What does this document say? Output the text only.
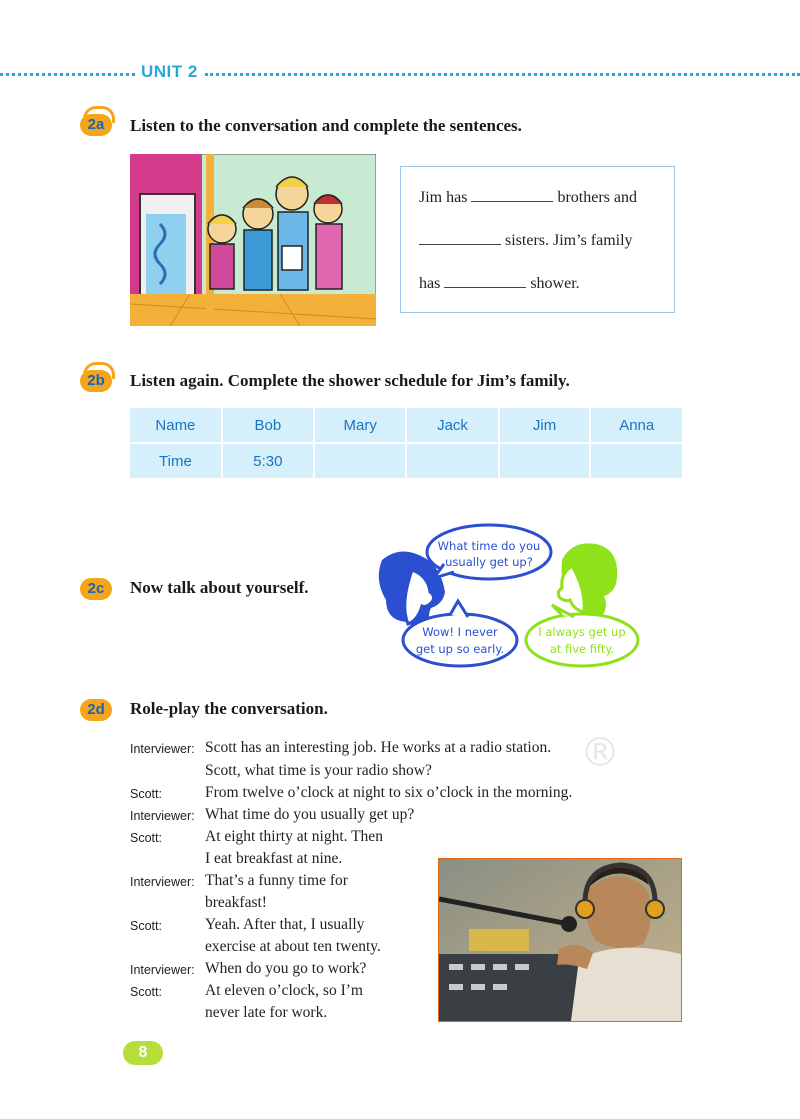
UNIT 2
2a	Listen to the conversation and complete the sentences.
Jim has	brothers and
sisters. Jim’s family
has	shower.
2b	Listen again. Complete the shower schedule for Jim’s family.
Name	Bob	Mary	Jack	Jim	Anna
Time	5:30				
2c	Now talk about yourself.
What time do you
usually get up?
Wow! I never
get up so early.
I always get up
at five fifty.
2d	Role-play the conversation.
®
Interviewer: Scott has an interesting job. He works at a radio station.
Scott, what time is your radio show?
Scott:	From twelve o’clock at night to six o’clock in the morning.
Interviewer: What time do you usually get up?
Scott:	At eight thirty at night. Then
I eat breakfast at nine.
Interviewer: That’s a funny time for
breakfast!
Scott:	Yeah. After that, I usually
exercise at about ten twenty.
Interviewer: When do you go to work?
Scott:	At eleven o’clock, so I’m
never late for work.
8
